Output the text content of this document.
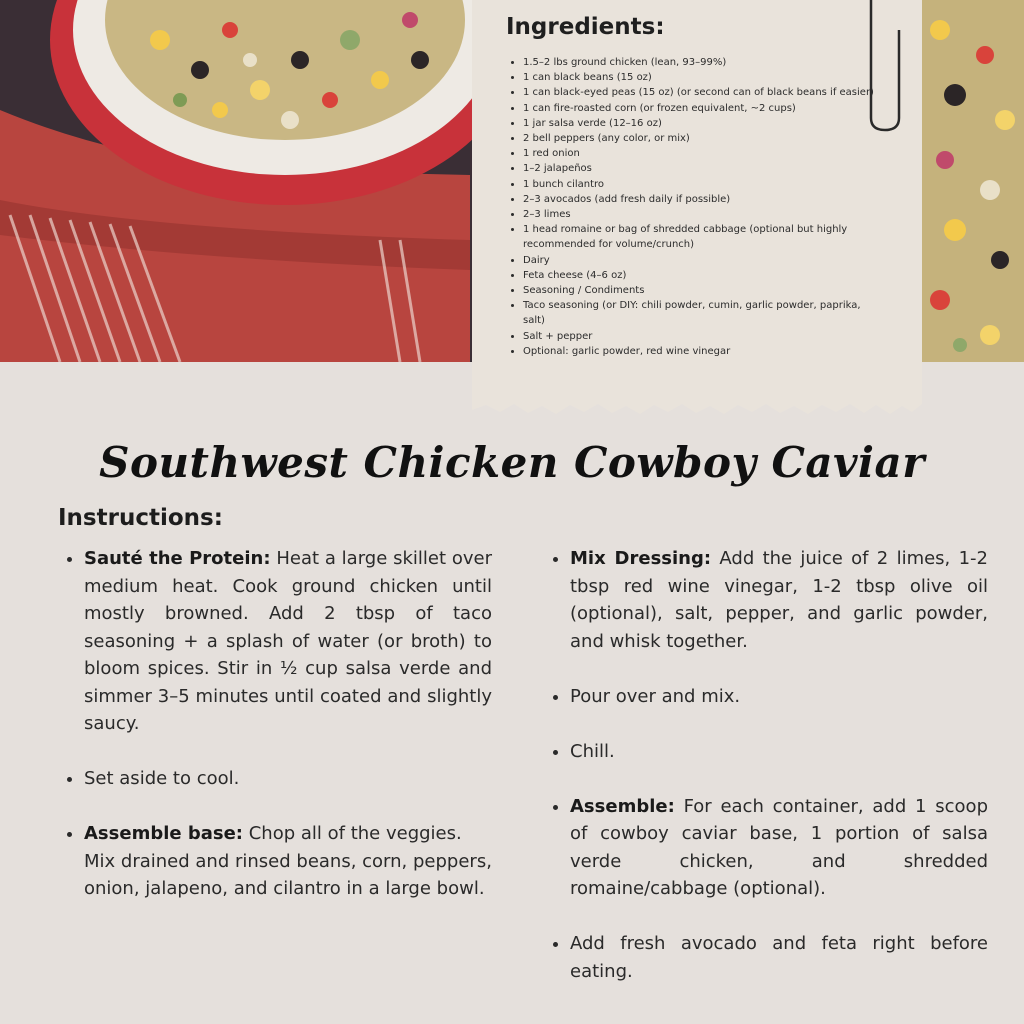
Ingredients:
• 1.5–2 lbs ground chicken (lean, 93–99%)
• 1 can black beans (15 oz)
• 1 can black-eyed peas (15 oz) (or second can of black beans if easier)
• 1 can fire-roasted corn (or frozen equivalent, ~2 cups)
• 1 jar salsa verde (12–16 oz)
• 2 bell peppers (any color, or mix)
• 1 red onion
• 1–2 jalapeños
• 1 bunch cilantro
• 2–3 avocados (add fresh daily if possible)
• 2–3 limes
• 1 head romaine or bag of shredded cabbage (optional but highly recommended for volume/crunch)
• Dairy
• Feta cheese (4–6 oz)
• Seasoning / Condiments
• Taco seasoning (or DIY: chili powder, cumin, garlic powder, paprika, salt)
• Salt + pepper
• Optional: garlic powder, red wine vinegar
Southwest Chicken Cowboy Caviar
Instructions:
• Sauté the Protein: Heat a large skillet over medium heat. Cook ground chicken until mostly browned. Add 2 tbsp of taco seasoning + a splash of water (or broth) to bloom spices. Stir in ½ cup salsa verde and simmer 3–5 minutes until coated and slightly saucy.
• Set aside to cool.
• Assemble base: Chop all of the veggies. Mix drained and rinsed beans, corn, peppers, onion, jalapeno, and cilantro in a large bowl.
• Mix Dressing: Add the juice of 2 limes, 1-2 tbsp red wine vinegar, 1-2 tbsp olive oil (optional), salt, pepper, and garlic powder, and whisk together.
• Pour over and mix.
• Chill.
• Assemble: For each container, add 1 scoop of cowboy caviar base, 1 portion of salsa verde chicken, and shredded romaine/cabbage (optional).
• Add fresh avocado and feta right before eating.
